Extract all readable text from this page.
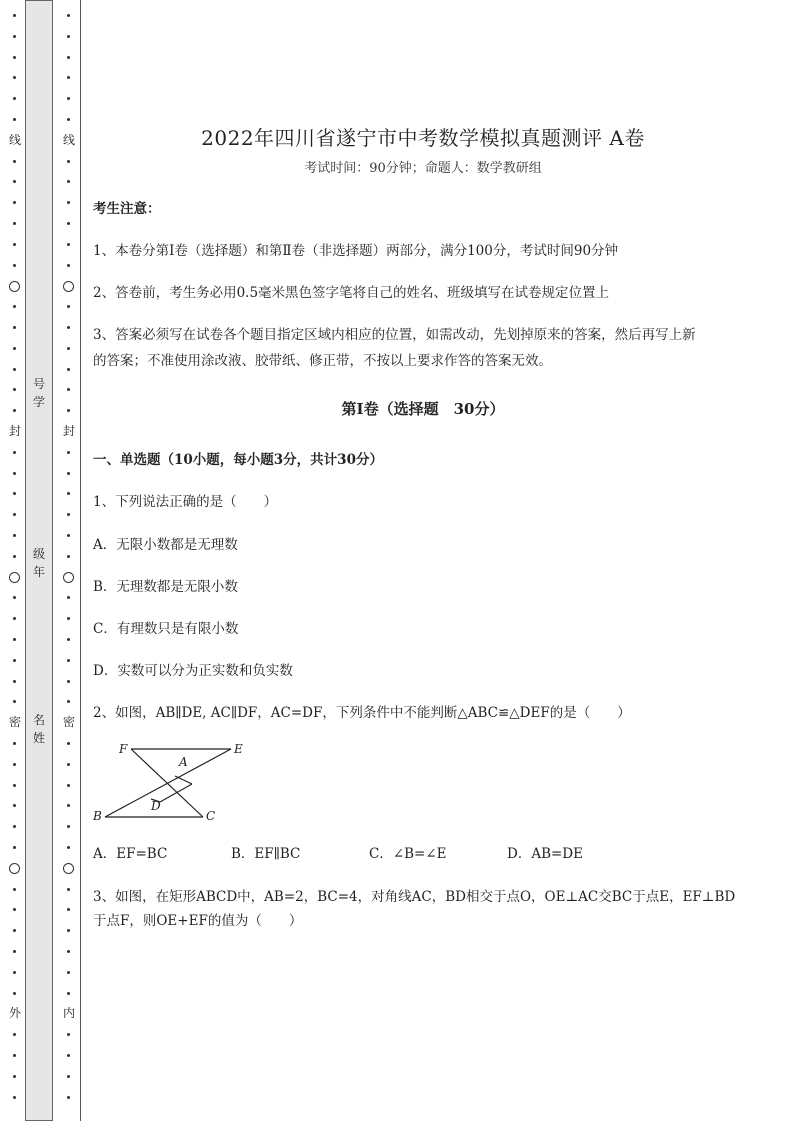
线
封
密
外
号
学
级
年
名
姓
线
封
密
内
2022年四川省遂宁市中考数学模拟真题测评 A卷
考试时间：90分钟；命题人：数学教研组
考生注意：
1、本卷分第Ⅰ卷（选择题）和第Ⅱ卷（非选择题）两部分，满分100分，考试时间90分钟
2、答卷前，考生务必用0.5毫米黑色签字笔将自己的姓名、班级填写在试卷规定位置上
3、答案必须写在试卷各个题目指定区域内相应的位置，如需改动，先划掉原来的答案，然后再写上新
的答案；不准使用涂改液、胶带纸、修正带，不按以上要求作答的答案无效。
第Ⅰ卷（选择题　30分）
一、单选题（10小题，每小题3分，共计30分）
1、下列说法正确的是（　　）
A．无限小数都是无理数
B．无理数都是无限小数
C．有理数只是有限小数
D．实数可以分为正实数和负实数
2、如图，AB∥DE, AC∥DF，AC=DF，下列条件中不能判断△ABC≌△DEF的是（　　）
A．EF=BC	B．EF∥BC	C．∠B=∠E	D．AB=DE
3、如图，在矩形ABCD中，AB=2，BC=4，对角线AC，BD相交于点O，OE⊥AC交BC于点E，EF⊥BD
于点F，则OE+EF的值为（　　）
F	E
A
D
B	C
